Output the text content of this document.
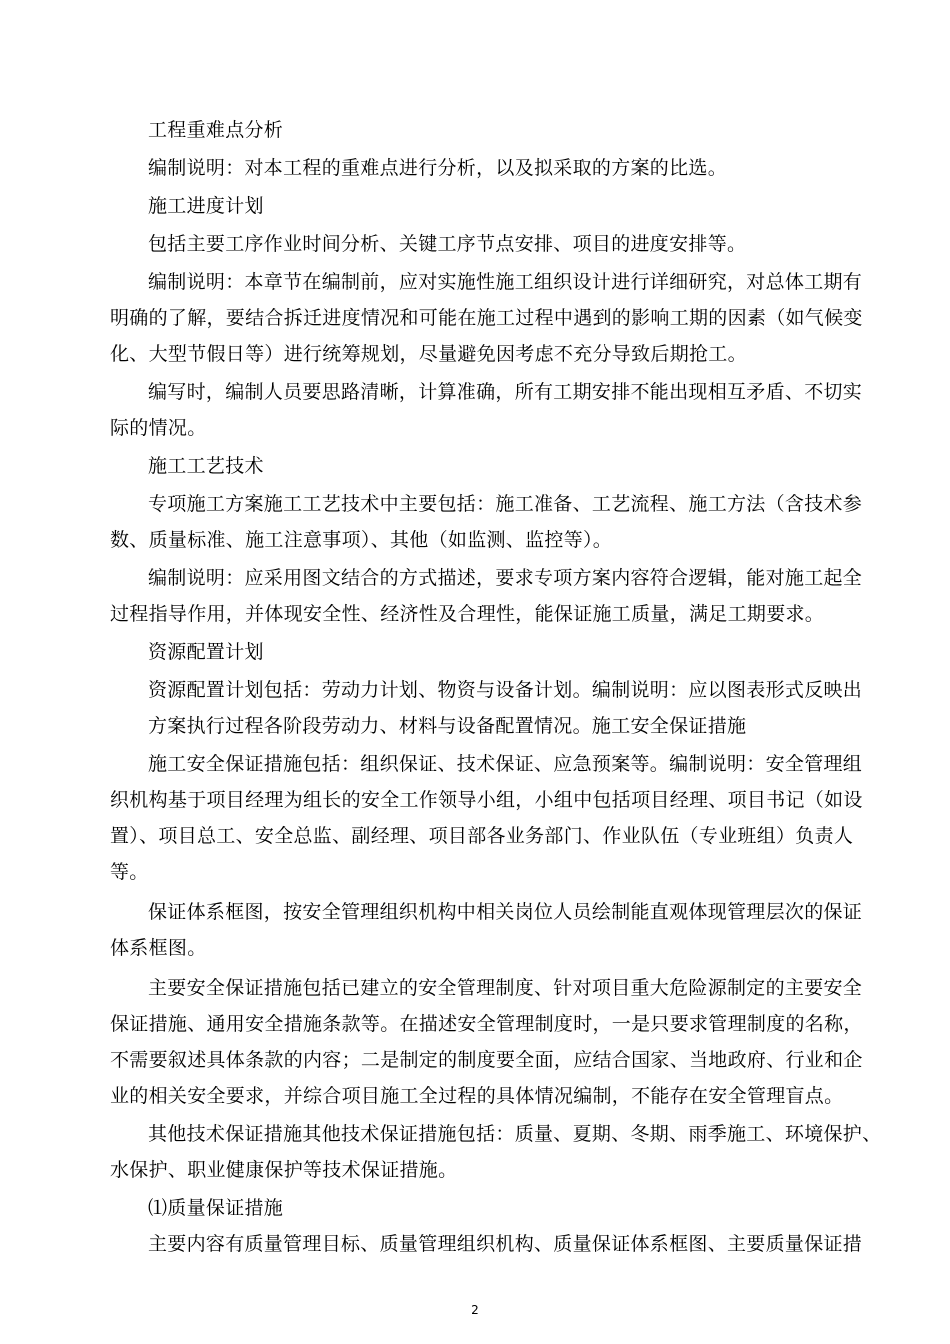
工程重难点分析
编制说明：对本工程的重难点进行分析，以及拟采取的方案的比选。
施工进度计划
包括主要工序作业时间分析、关键工序节点安排、项目的进度安排等。
编制说明：本章节在编制前，应对实施性施工组织设计进行详细研究，对总体工期有
明确的了解，要结合拆迁进度情况和可能在施工过程中遇到的影响工期的因素（如气候变
化、大型节假日等）进行统筹规划，尽量避免因考虑不充分导致后期抢工。
编写时，编制人员要思路清晰，计算准确，所有工期安排不能出现相互矛盾、不切实
际的情况。
施工工艺技术
专项施工方案施工工艺技术中主要包括：施工准备、工艺流程、施工方法（含技术参
数、质量标准、施工注意事项）、其他（如监测、监控等）。
编制说明：应采用图文结合的方式描述，要求专项方案内容符合逻辑，能对施工起全
过程指导作用，并体现安全性、经济性及合理性，能保证施工质量，满足工期要求。
资源配置计划
资源配置计划包括：劳动力计划、物资与设备计划。编制说明：应以图表形式反映出
方案执行过程各阶段劳动力、材料与设备配置情况。施工安全保证措施
施工安全保证措施包括：组织保证、技术保证、应急预案等。编制说明：安全管理组
织机构基于项目经理为组长的安全工作领导小组，小组中包括项目经理、项目书记（如设
置）、项目总工、安全总监、副经理、项目部各业务部门、作业队伍（专业班组）负责人
等。
保证体系框图，按安全管理组织机构中相关岗位人员绘制能直观体现管理层次的保证
体系框图。
主要安全保证措施包括已建立的安全管理制度、针对项目重大危险源制定的主要安全
保证措施、通用安全措施条款等。在描述安全管理制度时，一是只要求管理制度的名称，
不需要叙述具体条款的内容；二是制定的制度要全面，应结合国家、当地政府、行业和企
业的相关安全要求，并综合项目施工全过程的具体情况编制，不能存在安全管理盲点。
其他技术保证措施其他技术保证措施包括：质量、夏期、冬期、雨季施工、环境保护、
水保护、职业健康保护等技术保证措施。
⑴质量保证措施
主要内容有质量管理目标、质量管理组织机构、质量保证体系框图、主要质量保证措
2
